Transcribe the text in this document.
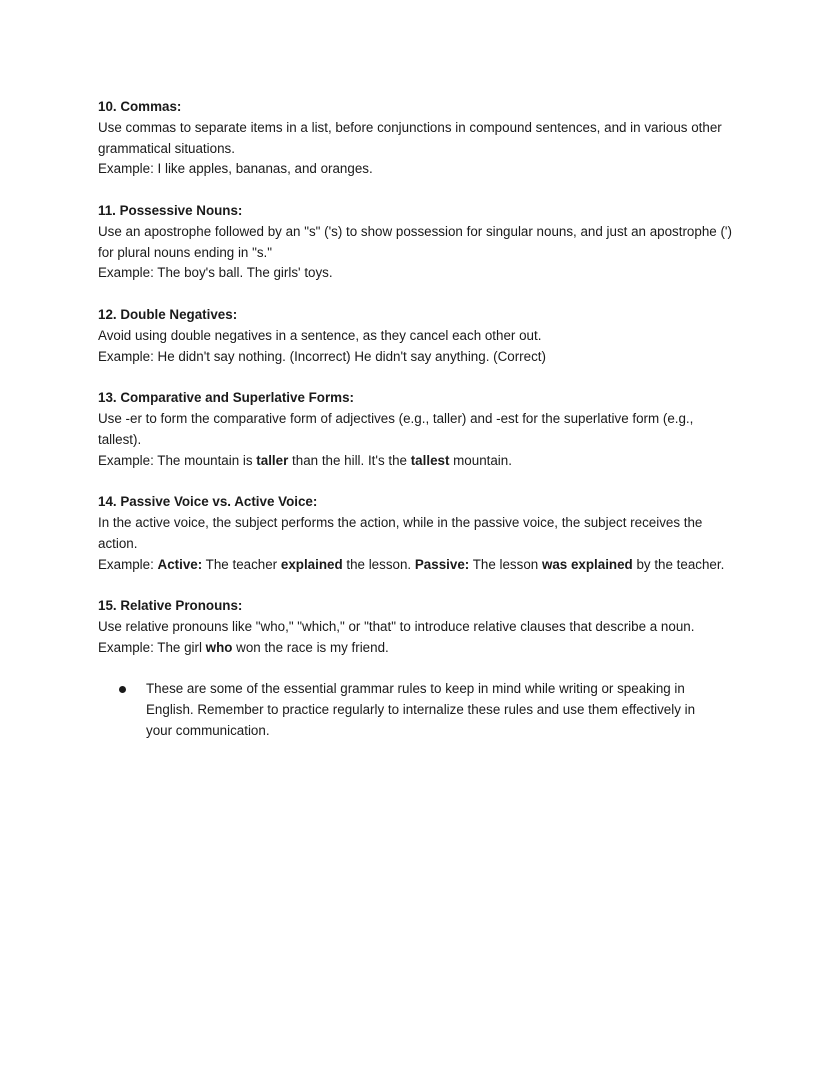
10. Commas:
Use commas to separate items in a list, before conjunctions in compound sentences, and in various other grammatical situations.
Example: I like apples, bananas, and oranges.
11. Possessive Nouns:
Use an apostrophe followed by an "s" ('s) to show possession for singular nouns, and just an apostrophe (') for plural nouns ending in "s."
Example: The boy's ball. The girls' toys.
12. Double Negatives:
Avoid using double negatives in a sentence, as they cancel each other out.
Example: He didn't say nothing. (Incorrect) He didn't say anything. (Correct)
13. Comparative and Superlative Forms:
Use -er to form the comparative form of adjectives (e.g., taller) and -est for the superlative form (e.g., tallest).
Example: The mountain is taller than the hill. It's the tallest mountain.
14. Passive Voice vs. Active Voice:
In the active voice, the subject performs the action, while in the passive voice, the subject receives the action.
Example: Active: The teacher explained the lesson. Passive: The lesson was explained by the teacher.
15. Relative Pronouns:
Use relative pronouns like "who," "which," or "that" to introduce relative clauses that describe a noun.
Example: The girl who won the race is my friend.
These are some of the essential grammar rules to keep in mind while writing or speaking in English. Remember to practice regularly to internalize these rules and use them effectively in your communication.
